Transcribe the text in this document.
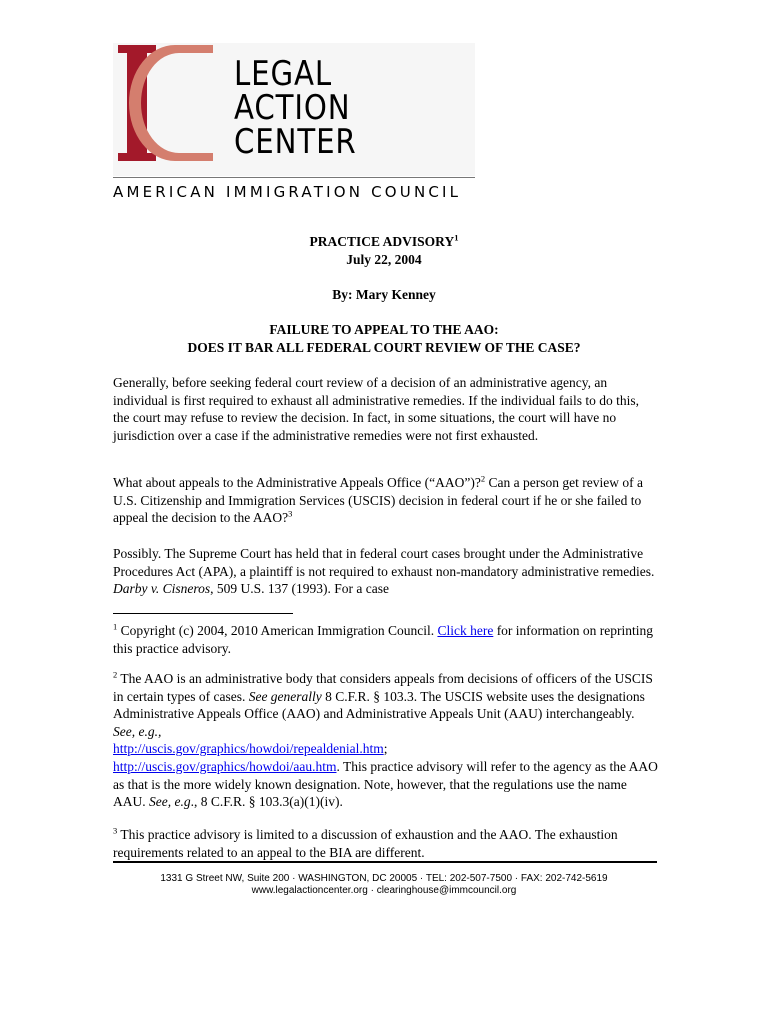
LEGAL
ACTION
CENTER
AMERICAN IMMIGRATION COUNCIL
PRACTICE ADVISORY$^1$
July 22, 2004
By: Mary Kenney
FAILURE TO APPEAL TO THE AAO:
DOES IT BAR ALL FEDERAL COURT REVIEW OF THE CASE?

Generally, before seeking federal court review of a decision of an administrative agency, an individual is first required to exhaust all administrative remedies. If the individual fails to do this, the court may refuse to review the decision. In fact, in some situations, the court will have no jurisdiction over a case if the administrative remedies were not first exhausted.

What about appeals to the Administrative Appeals Office (“AAO”)?$^2$ Can a person get review of a U.S. Citizenship and Immigration Services (USCIS) decision in federal court if he or she failed to appeal the decision to the AAO?$^3$

Possibly. The Supreme Court has held that in federal court cases brought under the Administrative Procedures Act (APA), a plaintiff is not required to exhaust non-mandatory administrative remedies. Darby v. Cisneros, 509 U.S. 137 (1993). For a case

$^1$ Copyright (c) 2004, 2010 American Immigration Council. Click here for information on reprinting this practice advisory.
$^2$ The AAO is an administrative body that considers appeals from decisions of officers of the USCIS in certain types of cases. See generally 8 C.F.R. § 103.3. The USCIS website uses the designations Administrative Appeals Office (AAO) and Administrative Appeals Unit (AAU) interchangeably. See, e.g.,
http://uscis.gov/graphics/howdoi/repealdenial.htm;
http://uscis.gov/graphics/howdoi/aau.htm. This practice advisory will refer to the agency as the AAO as that is the more widely known designation. Note, however, that the regulations use the name AAU. See, e.g., 8 C.F.R. § 103.3(a)(1)(iv).
$^3$ This practice advisory is limited to a discussion of exhaustion and the AAO. The exhaustion requirements related to an appeal to the BIA are different.
1331 G Street NW, Suite 200 · WASHINGTON, DC 20005 · TEL: 202-507-7500 · FAX: 202-742-5619
www.legalactioncenter.org · clearinghouse@immcouncil.org
